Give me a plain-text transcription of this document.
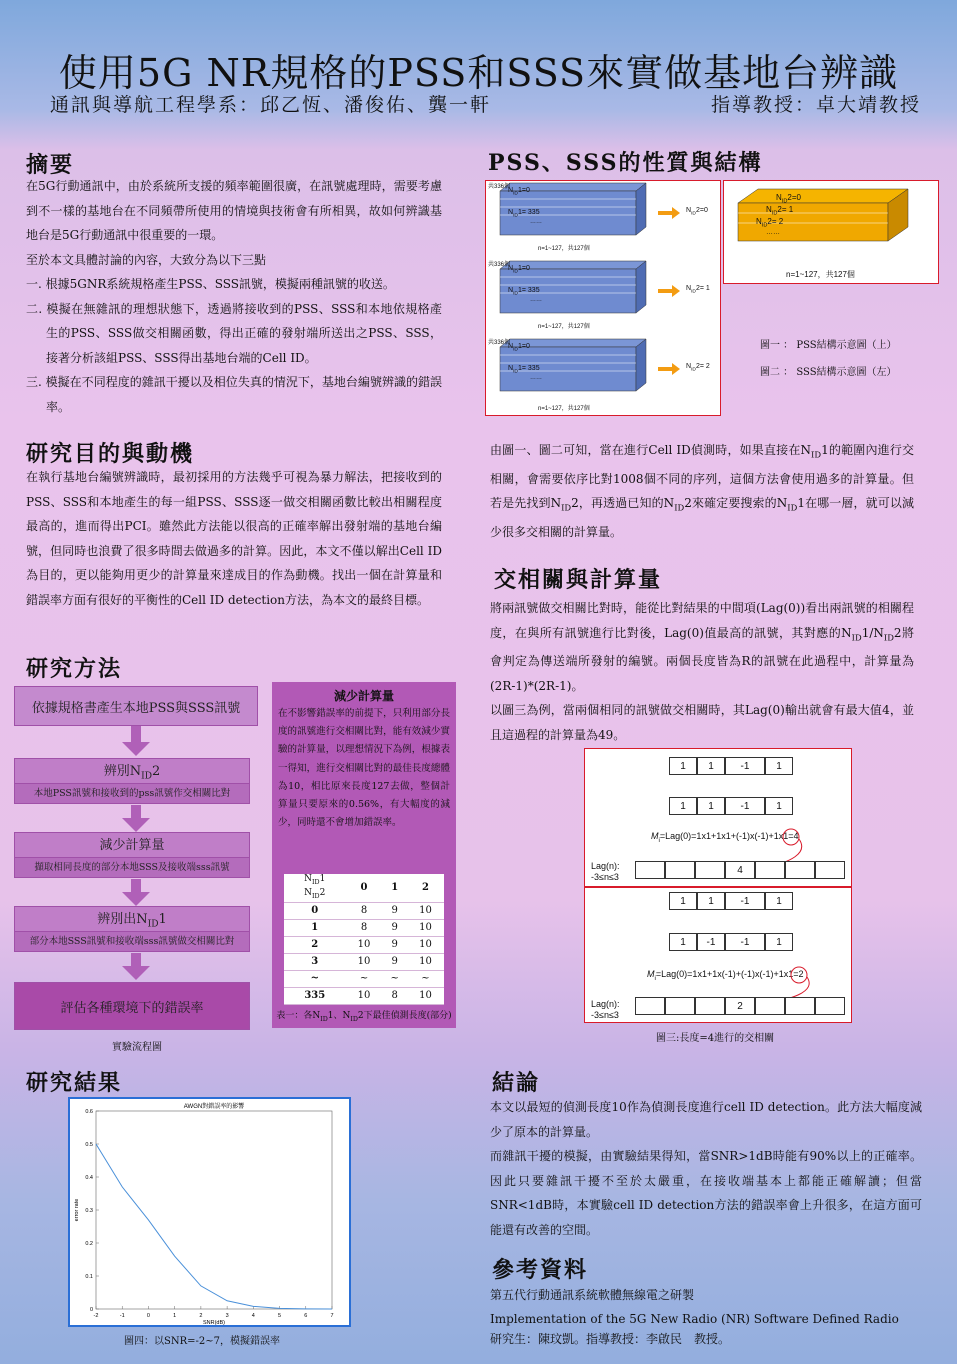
使用5G NR規格的PSS和SSS來實做基地台辨識
通訊與導航工程學系：邱乙恆、潘俊佑、龔一軒	指導教授：卓大靖教授
摘要

在5G行動通訊中，由於系統所支援的頻率範圍很廣，在訊號處理時，需要考慮到不一樣的基地台在不同頻帶所使用的情境與技術會有所相異，故如何辨識基地台是5G行動通訊中很重要的一環。

至於本文具體討論的內容，大致分為以下三點

一. 根據5GNR系統規格產生PSS、SSS訊號，模擬兩種訊號的收送。

二. 模擬在無雜訊的理想狀態下，透過將接收到的PSS、SSS和本地依規格產生的PSS、SSS做交相關函數，得出正確的發射端所送出之PSS、SSS，接著分析該組PSS、SSS得出基地台端的Cell ID。

三. 模擬在不同程度的雜訊干擾以及相位失真的情況下，基地台編號辨識的錯誤率。

研究目的與動機
在執行基地台編號辨識時，最初採用的方法幾乎可視為暴力解法，把接收到的PSS、SSS和本地產生的每一組PSS、SSS逐一做交相關函數比較出相關程度最高的，進而得出PCI。雖然此方法能以很高的正確率解出發射端的基地台編號，但同時也浪費了很多時間去做過多的計算。因此，本文不僅以解出Cell ID為目的，更以能夠用更少的計算量來達成目的作為動機。找出一個在計算量和錯誤率方面有很好的平衡性的Cell ID detection方法，為本文的最終目標。
研究方法
依據規格書產生本地PSS與SSS訊號
辨別$N_{ID}2$
本地PSS訊號和接收到的pss訊號作交相關比對
減少計算量
擷取相同長度的部分本地SSS及接收端sss訊號
辨別出$N_{ID}1$
部分本地SSS訊號和接收端sss訊號做交相關比對
評估各種環境下的錯誤率
實驗流程圖
減少計算量
在不影響錯誤率的前提下，只利用部分長度的訊號進行交相關比對，能有效減少實驗的計算量，以理想情況下為例，根據表一得知，進行交相關比對的最佳長度總體為10，相比原來長度127去做，整個計算量只要原來的0.56%，有大幅度的減少，同時還不會增加錯誤率。
$N_{ID}1$
$N_{ID}2$	0	1	2
0	8	9	10
1	8	9	10
2	10	9	10
3	10	9	10
~	~	~	~
335	10	8	10
表一：各$N_{ID}1$、$N_{ID}2$下最佳偵測長度(部分)
研究結果
AWGN對錯誤率的影響
-2	-1	0	1	2	3	4	5	6	7
0
0.1
0.2
0.3
0.4
0.5
0.6
SNR(dB)
error rate
圖四：以SNR=-2~7，模擬錯誤率
PSS、SSS的性質與結構
共336個
共336個
共336個
$N_{ID}1=0$
$N_{ID}1= 335$
……
n=1~127，共127個
$N_{ID}1=0$
$N_{ID}1= 335$
……
n=1~127，共127個
$N_{ID}1=0$
$N_{ID}1= 335$
……
n=1~127，共127個
$N_{ID}2=0$
$N_{ID}2= 1$
$N_{ID}2= 2$
$N_{ID}2=0$
$N_{ID}2= 1$
$N_{ID}2= 2$
……
n=1~127，共127個
圖一 ： PSS結構示意圖（上）
圖二 ： SSS結構示意圖（左）
由圖一、圖二可知，當在進行Cell ID偵測時，如果直接在$N_{ID}1$的範圍內進行交相關，會需要依序比對1008個不同的序列，這個方法會使用過多的計算量。但若是先找到$N_{ID}2$，再透過已知的$N_{ID}2$來確定要搜索的$N_{ID}1$在哪一層，就可以減少很多交相關的計算量。
交相關與計算量

將兩訊號做交相關比對時，能從比對結果的中間項(Lag(0))看出兩訊號的相關程度，在與所有訊號進行比對後，Lag(0)值最高的訊號，其對應的$N_{ID}1/N_{ID}2$將會判定為傳送端所發射的編號。兩個長度皆為R的訊號在此過程中，計算量為(2R-1)*(2R-1)。

以圖三為例，當兩個相同的訊號做交相關時，其Lag(0)輸出就會有最大值4，並且這過程的計算量為49。

1	1	-1	1
1	1	-1	1
$M_i=Lag(0)=1x1+1x1+(-1)x(-1)+1x1=4$
Lag(n):
-3≤n≤3
4
1	1	-1	1
1	-1	-1	1
$M_i=Lag(0)=1x1+1x(-1)+(-1)x(-1)+1x1=2$
Lag(n):
-3≤n≤3
2
圖三:長度=4進行的交相關
結論

本文以最短的偵測長度10作為偵測長度進行cell ID detection。此方法大幅度減少了原本的計算量。

而雜訊干擾的模擬，由實驗結果得知，當SNR>1dB時能有90%以上的正確率。因此只要雜訊干擾不至於太嚴重，在接收端基本上都能正確解讀；但當SNR<1dB時，本實驗cell ID detection方法的錯誤率會上升很多，在這方面可能還有改善的空間。

參考資料
第五代行動通訊系統軟體無線電之研製
Implementation of the 5G New Radio (NR) Software Defined Radio
研究生：陳玟凱。指導教授：李啟民　教授。
